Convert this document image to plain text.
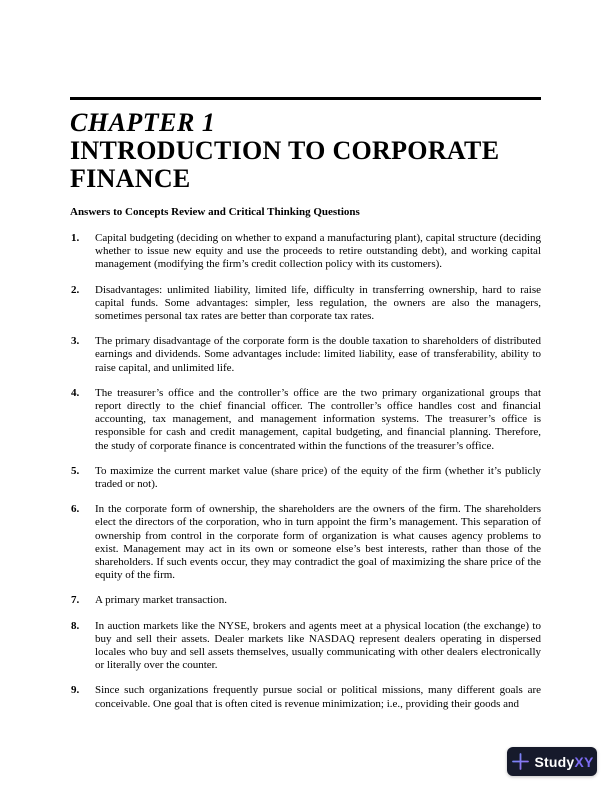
CHAPTER 1
INTRODUCTION TO CORPORATE FINANCE

Answers to Concepts Review and Critical Thinking Questions

1. Capital budgeting (deciding on whether to expand a manufacturing plant), capital structure (deciding whether to issue new equity and use the proceeds to retire outstanding debt), and working capital management (modifying the firm’s credit collection policy with its customers).
2. Disadvantages: unlimited liability, limited life, difficulty in transferring ownership, hard to raise capital funds. Some advantages: simpler, less regulation, the owners are also the managers, sometimes personal tax rates are better than corporate tax rates.
3. The primary disadvantage of the corporate form is the double taxation to shareholders of distributed earnings and dividends. Some advantages include: limited liability, ease of transferability, ability to raise capital, and unlimited life.
4. The treasurer’s office and the controller’s office are the two primary organizational groups that report directly to the chief financial officer. The controller’s office handles cost and financial accounting, tax management, and management information systems. The treasurer’s office is responsible for cash and credit management, capital budgeting, and financial planning. Therefore, the study of corporate finance is concentrated within the functions of the treasurer’s office.
5. To maximize the current market value (share price) of the equity of the firm (whether it’s publicly traded or not).
6. In the corporate form of ownership, the shareholders are the owners of the firm. The shareholders elect the directors of the corporation, who in turn appoint the firm’s management. This separation of ownership from control in the corporate form of organization is what causes agency problems to exist. Management may act in its own or someone else’s best interests, rather than those of the shareholders. If such events occur, they may contradict the goal of maximizing the share price of the equity of the firm.
7. A primary market transaction.
8. In auction markets like the NYSE, brokers and agents meet at a physical location (the exchange) to buy and sell their assets. Dealer markets like NASDAQ represent dealers operating in dispersed locales who buy and sell assets themselves, usually communicating with other dealers electronically or literally over the counter.
9. Since such organizations frequently pursue social or political missions, many different goals are conceivable. One goal that is often cited is revenue minimization; i.e., providing their goods and
StudyXY
